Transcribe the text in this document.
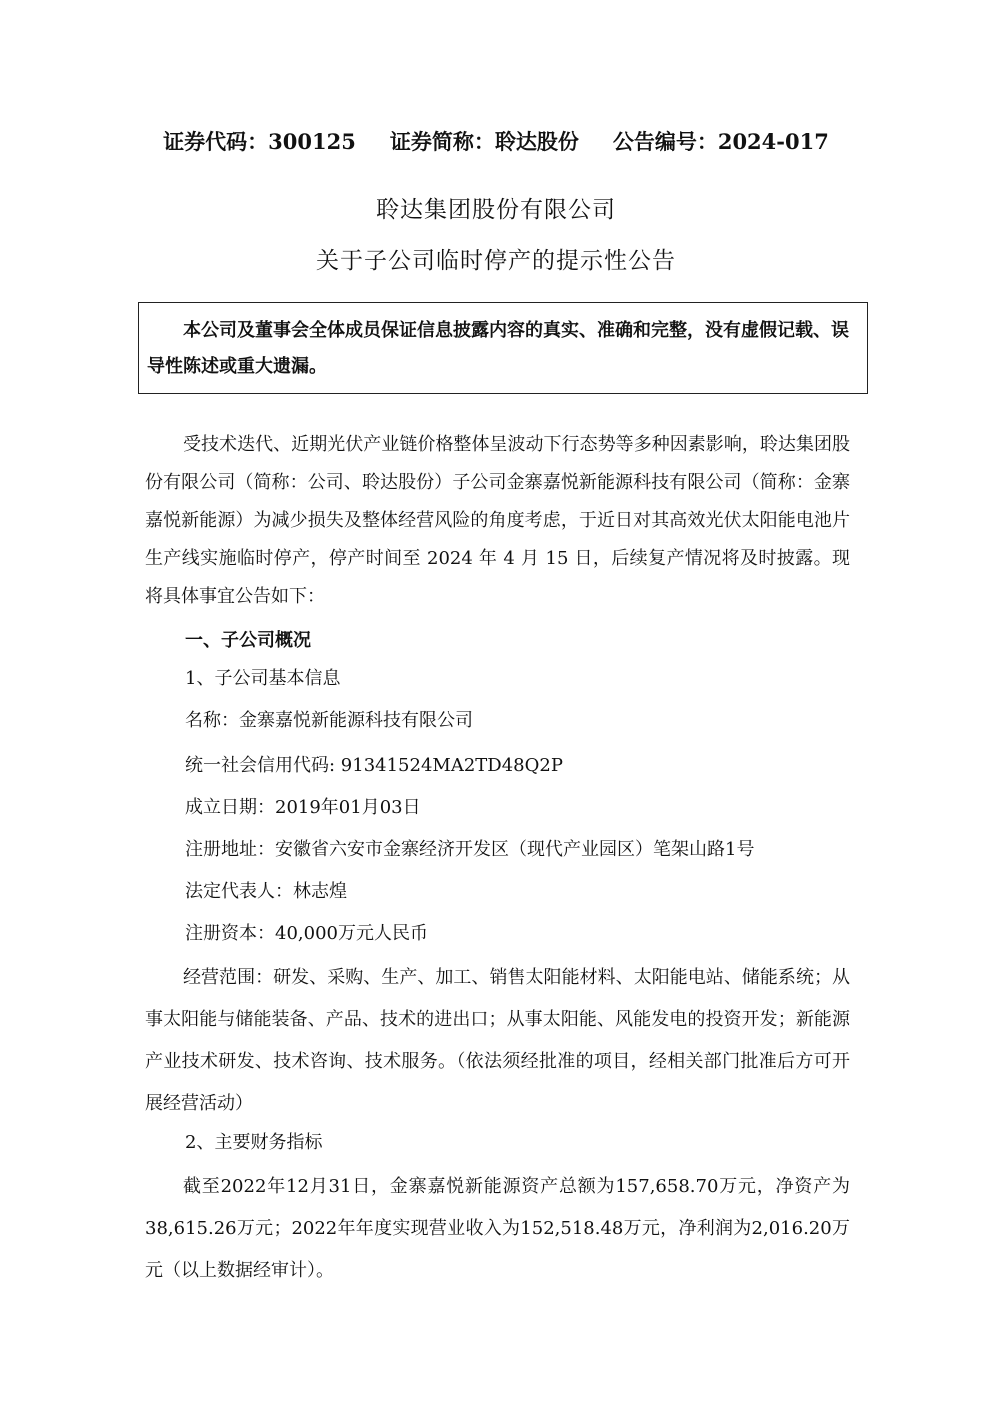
证券代码：300125 证券简称：聆达股份 公告编号：2024-017
聆达集团股份有限公司
关于子公司临时停产的提示性公告

本公司及董事会全体成员保证信息披露内容的真实、准确和完整，没有虚假记载、误导性陈述或重大遗漏。

受技术迭代、近期光伏产业链价格整体呈波动下行态势等多种因素影响，聆达集团股份有限公司（简称：公司、聆达股份）子公司金寨嘉悦新能源科技有限公司（简称：金寨嘉悦新能源）为减少损失及整体经营风险的角度考虑，于近日对其高效光伏太阳能电池片生产线实施临时停产，停产时间至 2024 年 4 月 15 日，后续复产情况将及时披露。现将具体事宜公告如下：

一、子公司概况

1、子公司基本信息

名称：金寨嘉悦新能源科技有限公司

统一社会信用代码: 91341524MA2TD48Q2P

成立日期：2019年01月03日

注册地址：安徽省六安市金寨经济开发区（现代产业园区）笔架山路1号

法定代表人：林志煌

注册资本：40,000万元人民币

经营范围：研发、采购、生产、加工、销售太阳能材料、太阳能电站、储能系统；从事太阳能与储能装备、产品、技术的进出口；从事太阳能、风能发电的投资开发；新能源产业技术研发、技术咨询、技术服务。（依法须经批准的项目，经相关部门批准后方可开展经营活动）

2、主要财务指标

截至2022年12月31日，金寨嘉悦新能源资产总额为157,658.70万元，净资产为38,615.26万元；2022年年度实现营业收入为152,518.48万元，净利润为2,016.20万元（以上数据经审计）。
